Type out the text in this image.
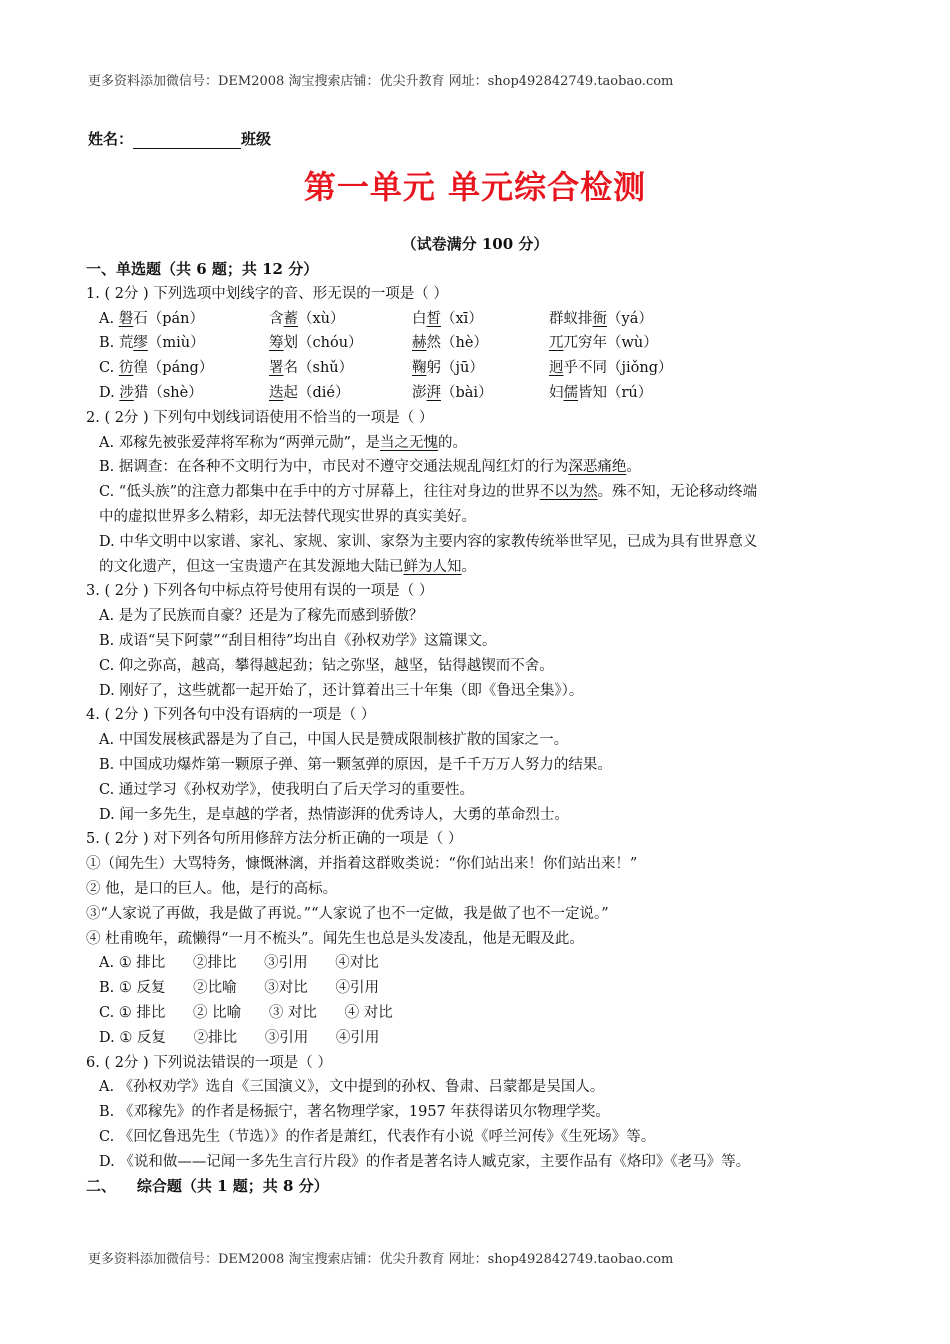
更多资料添加微信号：DEM2008 淘宝搜索店铺：优尖升教育 网址：shop492842749.taobao.com
姓名：	班级
第一单元 单元综合检测
（试卷满分 100 分）
一、单选题（共 6 题；共 12 分）
1. ( 2分 ) 下列选项中划线字的音、形无误的一项是（ ）
A. 磐石（pán）	含蓄（xù）	白皙（xī）	群蚁排衙（yá）
B. 荒缪（miù）	筹划（chóu）	赫然（hè）	兀兀穷年（wù）
C. 彷徨（páng）	署名（shǔ）	鞠躬（jū）	迥乎不同（jiǒng）
D. 涉猎（shè）	迭起（dié）	澎湃（bài）	妇儒皆知（rú）
2. ( 2分 ) 下列句中划线词语使用不恰当的一项是（ ）
A. 邓稼先被张爱萍将军称为“两弹元勋”，是当之无愧的。
B. 据调查：在各种不文明行为中，市民对不遵守交通法规乱闯红灯的行为深恶痛绝。
C. “低头族”的注意力都集中在手中的方寸屏幕上，往往对身边的世界不以为然。殊不知，无论移动终端
中的虚拟世界多么精彩，却无法替代现实世界的真实美好。
D. 中华文明中以家谱、家礼、家规、家训、家祭为主要内容的家教传统举世罕见，已成为具有世界意义
的文化遗产，但这一宝贵遗产在其发源地大陆已鲜为人知。
3. ( 2分 ) 下列各句中标点符号使用有误的一项是（ ）
A. 是为了民族而自豪？还是为了稼先而感到骄傲？
B. 成语“吴下阿蒙”“刮目相待”均出自《孙权劝学》这篇课文。
C. 仰之弥高，越高，攀得越起劲；钻之弥坚，越坚，钻得越锲而不舍。
D. 刚好了，这些就都一起开始了，还计算着出三十年集（即《鲁迅全集》）。
4. ( 2分 ) 下列各句中没有语病的一项是（ ）
A. 中国发展核武器是为了自己，中国人民是赞成限制核扩散的国家之一。
B. 中国成功爆炸第一颗原子弹、第一颗氢弹的原因，是千千万万人努力的结果。
C. 通过学习《孙权劝学》，使我明白了后天学习的重要性。
D. 闻一多先生，是卓越的学者，热情澎湃的优秀诗人，大勇的革命烈士。
5. ( 2分 ) 对下列各句所用修辞方法分析正确的一项是（ ）
①（闻先生）大骂特务，慷慨淋漓，并指着这群败类说：“你们站出来！你们站出来！”
② 他，是口的巨人。他，是行的高标。
③“人家说了再做，我是做了再说。”“人家说了也不一定做，我是做了也不一定说。”
④ 杜甫晚年，疏懒得“一月不梳头”。闻先生也总是头发凌乱，他是无暇及此。
A. ① 排比      ②排比      ③引用      ④对比
B. ① 反复      ②比喻      ③对比      ④引用
C. ① 排比      ② 比喻      ③ 对比      ④ 对比
D. ① 反复      ②排比      ③引用      ④引用
6. ( 2分 ) 下列说法错误的一项是（ ）
A. 《孙权劝学》选自《三国演义》，文中提到的孙权、鲁肃、吕蒙都是吴国人。
B. 《邓稼先》的作者是杨振宁，著名物理学家，1957 年获得诺贝尔物理学奖。
C. 《回忆鲁迅先生（节选）》的作者是萧红，代表作有小说《呼兰河传》《生死场》等。
D. 《说和做——记闻一多先生言行片段》的作者是著名诗人臧克家，主要作品有《烙印》《老马》等。
二、    综合题（共 1 题；共 8 分）
更多资料添加微信号：DEM2008 淘宝搜索店铺：优尖升教育 网址：shop492842749.taobao.com
